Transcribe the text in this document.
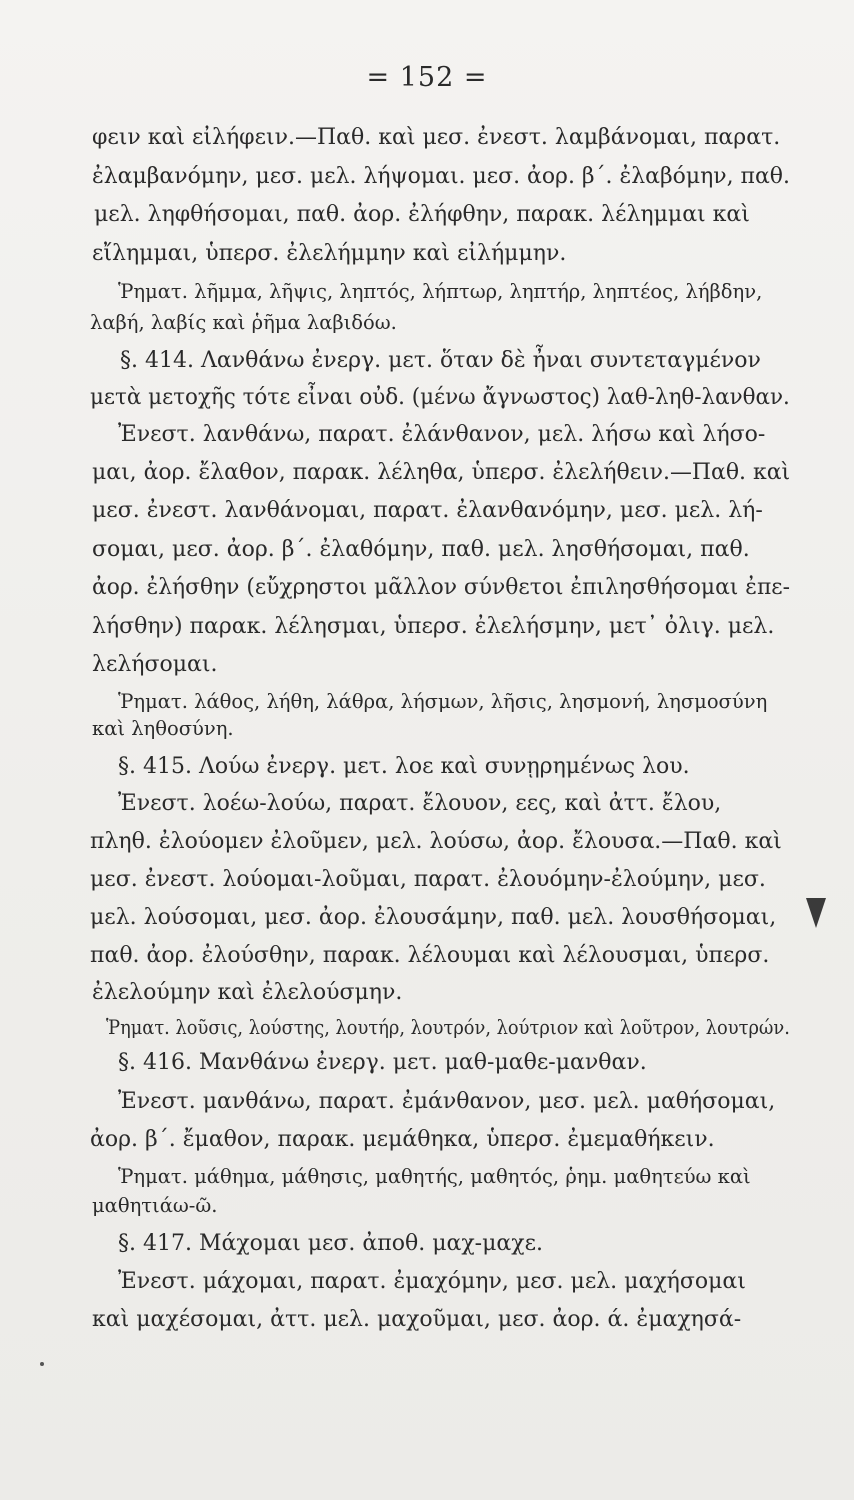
= 152 =
φειν καὶ εἰλήφειν.—Παθ. καὶ μεσ. ἐνεστ. λαμβάνομαι, παρατ.
ἐλαμβανόμην, μεσ. μελ. λήψομαι. μεσ. ἀορ. β΄. ἐλαβόμην, παθ.
μελ. ληφθήσομαι, παθ. ἀορ. ἐλήφθην, παρακ. λέλημμαι καὶ
εἴλημμαι, ὑπερσ. ἐλελήμμην καὶ εἰλήμμην.
Ῥηματ. λῆμμα, λῆψις, ληπτός, λήπτωρ, ληπτήρ, ληπτέος, λήβδην,
λαβή, λαβίς καὶ ῥῆμα λαβιδόω.
§. 414. Λανθάνω ἐνεργ. μετ. ὅταν δὲ ἦναι συντεταγμένον
μετὰ μετοχῆς τότε εἶναι οὐδ. (μένω ἄγνωστος) λαθ-ληθ-λανθαν.
Ἐνεστ. λανθάνω, παρατ. ἐλάνθανον, μελ. λήσω καὶ λήσο-
μαι, ἀορ. ἔλαθον, παρακ. λέληθα, ὑπερσ. ἐλελήθειν.—Παθ. καὶ
μεσ. ἐνεστ. λανθάνομαι, παρατ. ἐλανθανόμην, μεσ. μελ. λή-
σομαι, μεσ. ἀορ. β΄. ἐλαθόμην, παθ. μελ. λησθήσομαι, παθ.
ἀορ. ἐλήσθην (εὔχρηστοι μᾶλλον σύνθετοι ἐπιλησθήσομαι ἐπε-
λήσθην) παρακ. λέλησμαι, ὑπερσ. ἐλελήσμην, μετ᾽ ὀλιγ. μελ.
λελήσομαι.
Ῥηματ. λάθος, λήθη, λάθρα, λήσμων, λῆσις, λησμονή, λησμοσύνη
καὶ ληθοσύνη.
§. 415. Λούω ἐνεργ. μετ. λοε καὶ συνῃρημένως λου.
Ἐνεστ. λοέω-λούω, παρατ. ἔλουον, εες, καὶ ἀττ. ἔλου,
πληθ. ἐλούομεν ἐλοῦμεν, μελ. λούσω, ἀορ. ἔλουσα.—Παθ. καὶ
μεσ. ἐνεστ. λούομαι-λοῦμαι, παρατ. ἐλουόμην-ἐλούμην, μεσ.
μελ. λούσομαι, μεσ. ἀορ. ἐλουσάμην, παθ. μελ. λουσθήσομαι,
παθ. ἀορ. ἐλούσθην, παρακ. λέλουμαι καὶ λέλουσμαι, ὑπερσ.
ἐλελούμην καὶ ἐλελούσμην.
Ῥηματ. λοῦσις, λούστης, λουτήρ, λουτρόν, λούτριον καὶ λοῦτρον, λουτρών.
§. 416. Μανθάνω ἐνεργ. μετ. μαθ-μαθε-μανθαν.
Ἐνεστ. μανθάνω, παρατ. ἐμάνθανον, μεσ. μελ. μαθήσομαι,
ἀορ. β΄. ἔμαθον, παρακ. μεμάθηκα, ὑπερσ. ἐμεμαθήκειν.
Ῥηματ. μάθημα, μάθησις, μαθητής, μαθητός, ῥημ. μαθητεύω καὶ
μαθητιάω-ῶ.
§. 417. Μάχομαι μεσ. ἀποθ. μαχ-μαχε.
Ἐνεστ. μάχομαι, παρατ. ἐμαχόμην, μεσ. μελ. μαχήσομαι
καὶ μαχέσομαι, ἀττ. μελ. μαχοῦμαι, μεσ. ἀορ. ά. ἐμαχησά-
